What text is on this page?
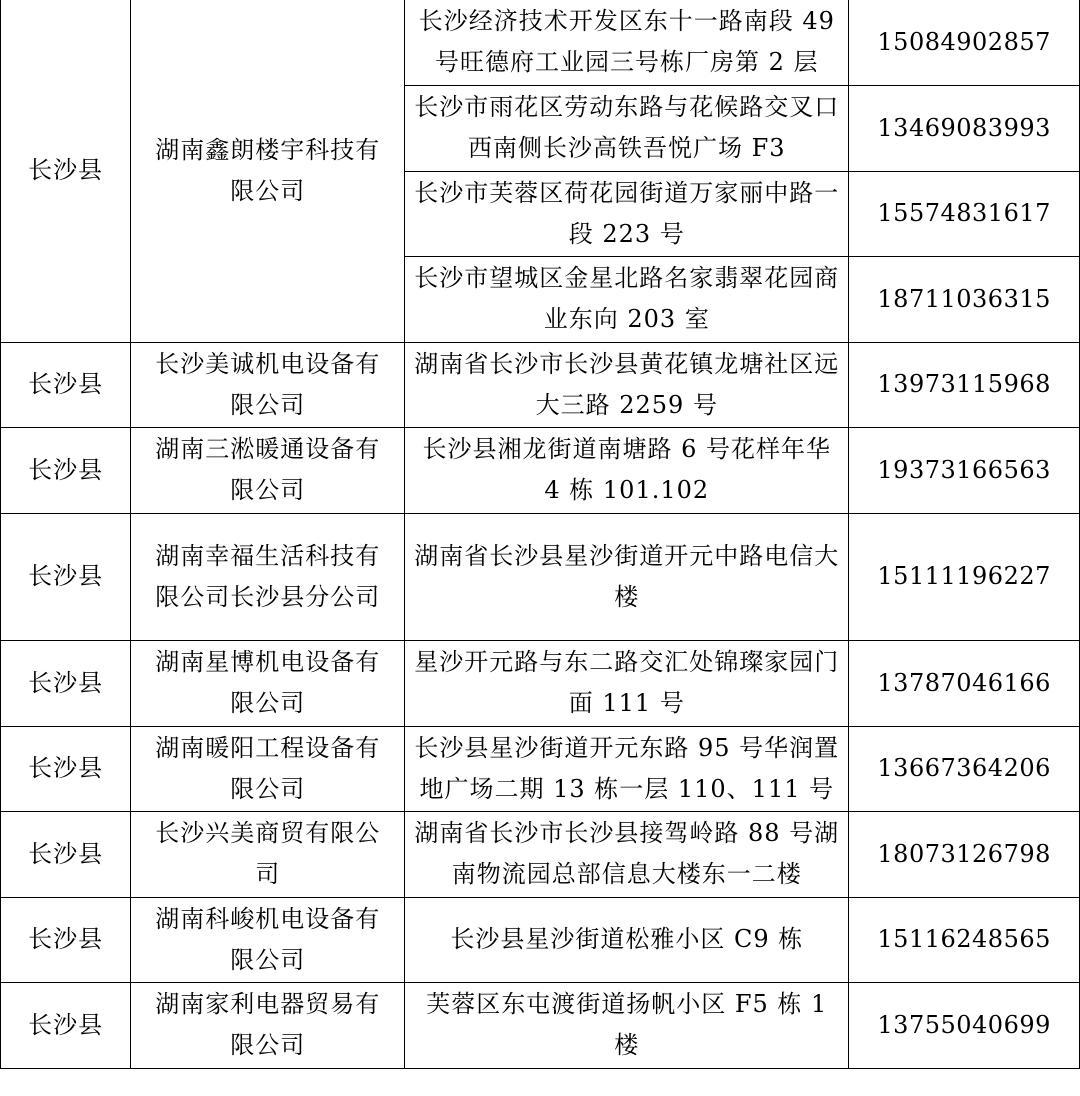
长沙县	湖南鑫朗楼宇科技有限公司	长沙经济技术开发区东十一路南段 49 号旺德府工业园三号栋厂房第 2 层	15084902857
		长沙市雨花区劳动东路与花候路交叉口西南侧长沙高铁吾悦广场 F3	13469083993
		长沙市芙蓉区荷花园街道万家丽中路一段 223 号	15574831617
		长沙市望城区金星北路名家翡翠花园商业东向 203 室	18711036315
长沙县	长沙美诚机电设备有限公司	湖南省长沙市长沙县黄花镇龙塘社区远大三路 2259 号	13973115968
长沙县	湖南三淞暖通设备有限公司	长沙县湘龙街道南塘路 6 号花样年华 4 栋 101.102	19373166563
长沙县	湖南幸福生活科技有限公司长沙县分公司	湖南省长沙县星沙街道开元中路电信大楼	15111196227
长沙县	湖南星博机电设备有限公司	星沙开元路与东二路交汇处锦璨家园门面 111 号	13787046166
长沙县	湖南暖阳工程设备有限公司	长沙县星沙街道开元东路 95 号华润置地广场二期 13 栋一层 110、111 号	13667364206
长沙县	长沙兴美商贸有限公司	湖南省长沙市长沙县接驾岭路 88 号湖南物流园总部信息大楼东一二楼	18073126798
长沙县	湖南科峻机电设备有限公司	长沙县星沙街道松雅小区 C9 栋	15116248565
长沙县	湖南家利电器贸易有限公司	芙蓉区东屯渡街道扬帆小区 F5 栋 1 楼	13755040699
